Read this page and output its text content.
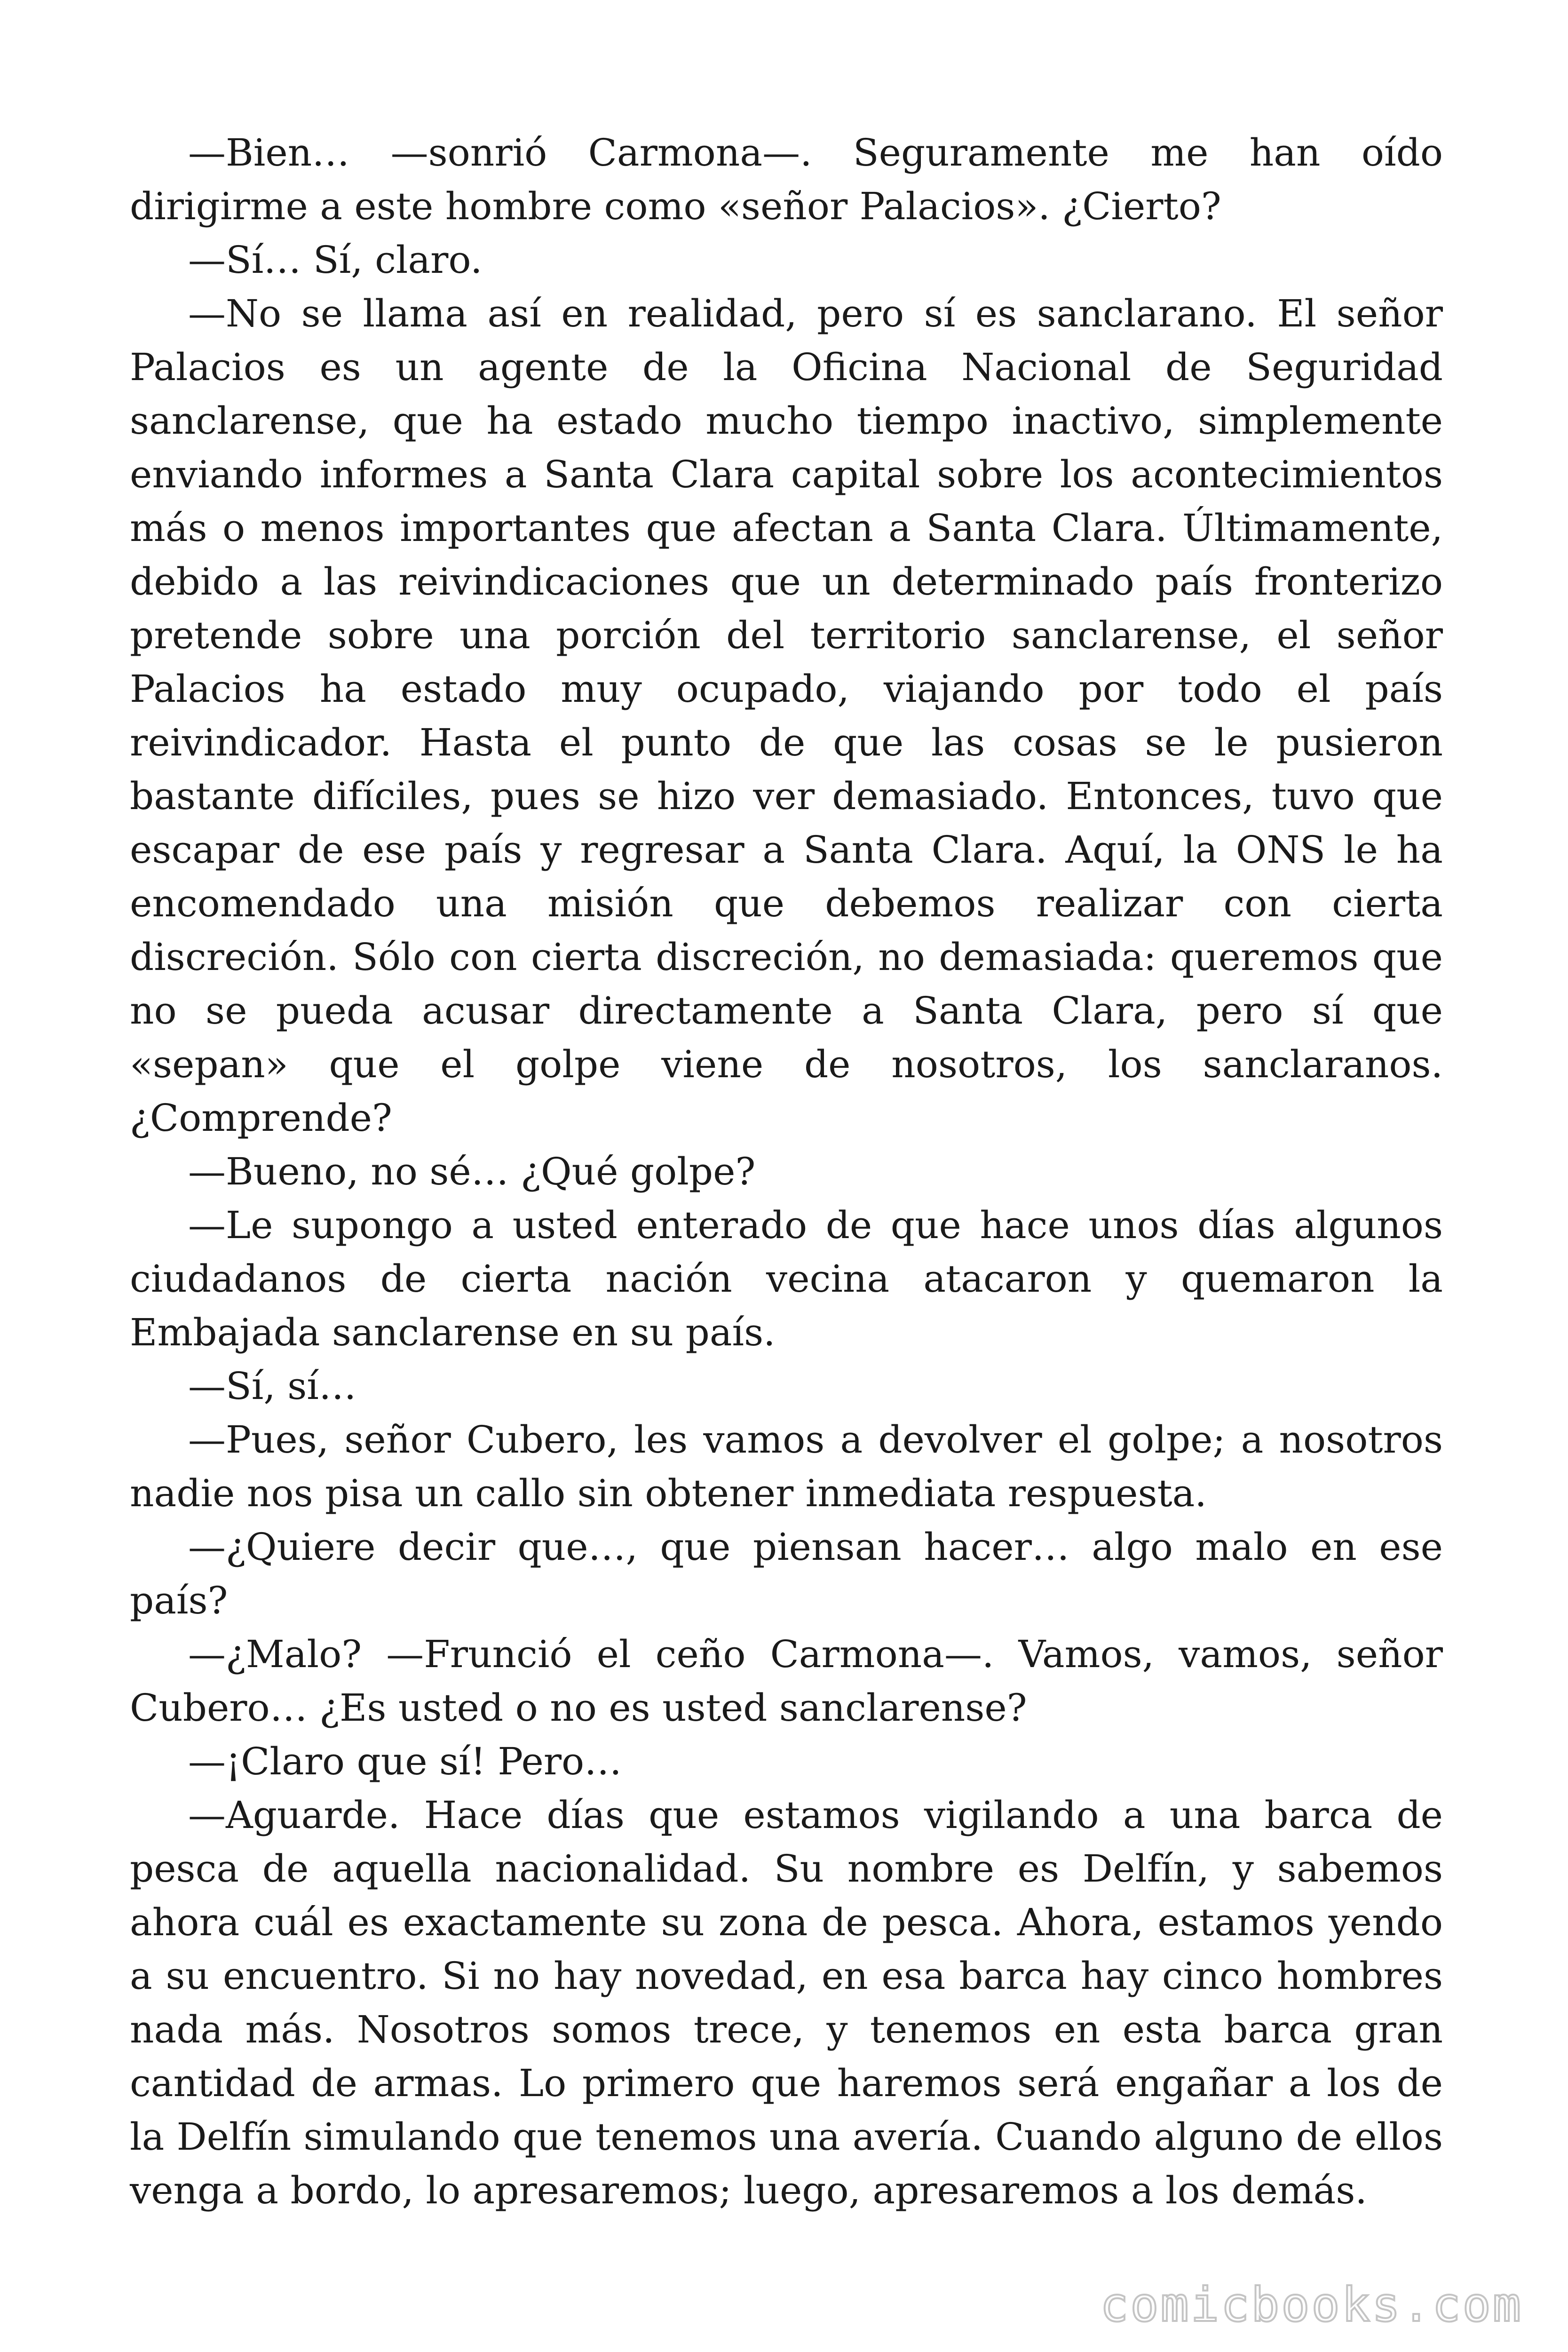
—Bien… —sonrió Carmona—. Seguramente me han oído dirigirme a este hombre como «señor Palacios». ¿Cierto?

—Sí… Sí, claro.

—No se llama así en realidad, pero sí es sanclarano. El señor Palacios es un agente de la Oficina Nacional de Seguridad sanclarense, que ha estado mucho tiempo inactivo, simplemente enviando informes a Santa Clara capital sobre los acontecimientos más o menos importantes que afectan a Santa Clara. Últimamente, debido a las reivindicaciones que un determinado país fronterizo pretende sobre una porción del territorio sanclarense, el señor Palacios ha estado muy ocupado, viajando por todo el país reivindicador. Hasta el punto de que las cosas se le pusieron bastante difíciles, pues se hizo ver demasiado. Entonces, tuvo que escapar de ese país y regresar a Santa Clara. Aquí, la ONS le ha encomendado una misión que debemos realizar con cierta discreción. Sólo con cierta discreción, no demasiada: queremos que no se pueda acusar directamente a Santa Clara, pero sí que «sepan» que el golpe viene de nosotros, los sanclaranos. ¿Comprende?

—Bueno, no sé… ¿Qué golpe?

—Le supongo a usted enterado de que hace unos días algunos ciudadanos de cierta nación vecina atacaron y quemaron la Embajada sanclarense en su país.

—Sí, sí…

—Pues, señor Cubero, les vamos a devolver el golpe; a nosotros nadie nos pisa un callo sin obtener inmediata respuesta.

—¿Quiere decir que…, que piensan hacer… algo malo en ese país?

—¿Malo? —Frunció el ceño Carmona—. Vamos, vamos, señor Cubero… ¿Es usted o no es usted sanclarense?

—¡Claro que sí! Pero…

—Aguarde. Hace días que estamos vigilando a una barca de pesca de aquella nacionalidad. Su nombre es Delfín, y sabemos ahora cuál es exactamente su zona de pesca. Ahora, estamos yendo a su encuentro. Si no hay novedad, en esa barca hay cinco hombres nada más. Nosotros somos trece, y tenemos en esta barca gran cantidad de armas. Lo primero que haremos será engañar a los de la Delfín simulando que tenemos una avería. Cuando alguno de ellos venga a bordo, lo apresaremos; luego, apresaremos a los demás.

comicbooks.com
